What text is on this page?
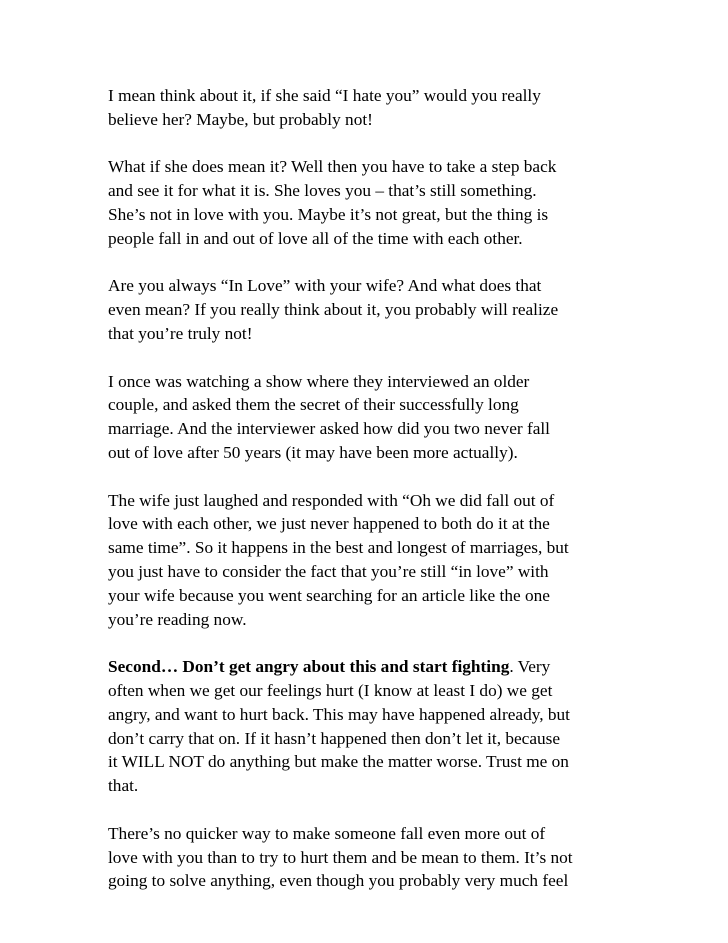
I mean think about it, if she said “I hate you” would you really
believe her? Maybe, but probably not!

What if she does mean it? Well then you have to take a step back
and see it for what it is. She loves you – that’s still something.
She’s not in love with you. Maybe it’s not great, but the thing is
people fall in and out of love all of the time with each other.

Are you always “In Love” with your wife? And what does that
even mean? If you really think about it, you probably will realize
that you’re truly not!

I once was watching a show where they interviewed an older
couple, and asked them the secret of their successfully long
marriage. And the interviewer asked how did you two never fall
out of love after 50 years (it may have been more actually).

The wife just laughed and responded with “Oh we did fall out of
love with each other, we just never happened to both do it at the
same time”. So it happens in the best and longest of marriages, but
you just have to consider the fact that you’re still “in love” with
your wife because you went searching for an article like the one
you’re reading now.

Second… Don’t get angry about this and start fighting. Very
often when we get our feelings hurt (I know at least I do) we get
angry, and want to hurt back. This may have happened already, but
don’t carry that on. If it hasn’t happened then don’t let it, because
it WILL NOT do anything but make the matter worse. Trust me on
that.

There’s no quicker way to make someone fall even more out of
love with you than to try to hurt them and be mean to them. It’s not
going to solve anything, even though you probably very much feel
